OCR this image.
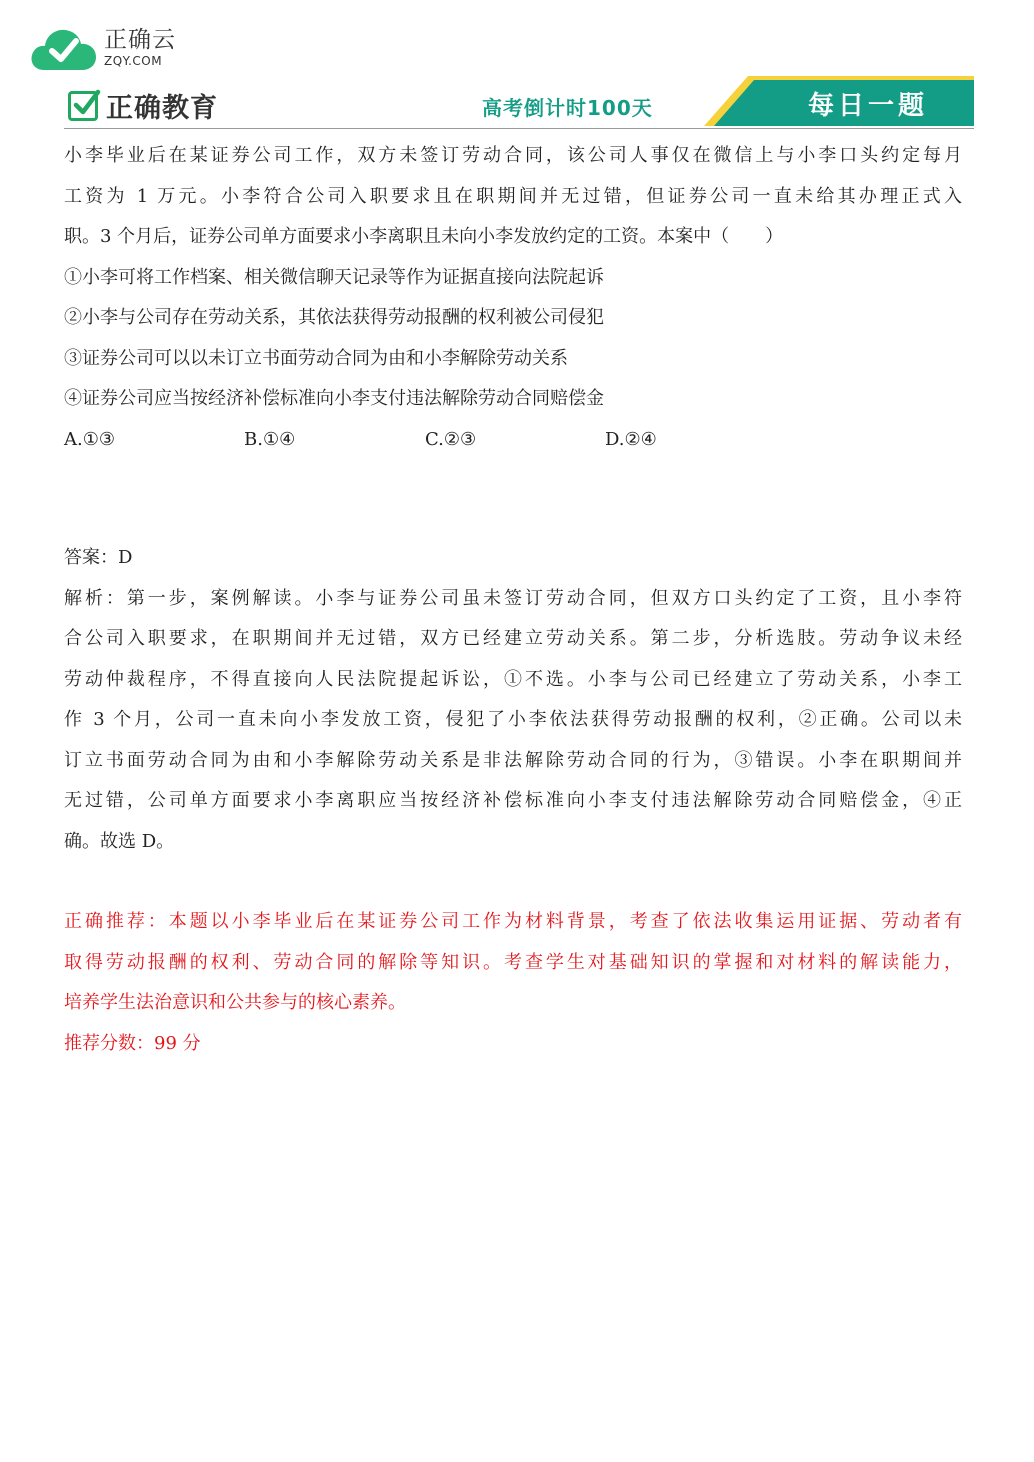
正确云
ZQY.COM
正确教育	高考倒计时100天	每日一题
小李毕业后在某证券公司工作，双方未签订劳动合同，该公司人事仅在微信上与小李口头约定每月
工资为 1 万元。小李符合公司入职要求且在职期间并无过错，但证券公司一直未给其办理正式入
职。3 个月后，证券公司单方面要求小李离职且未向小李发放约定的工资。本案中（　　）
①小李可将工作档案、相关微信聊天记录等作为证据直接向法院起诉
②小李与公司存在劳动关系，其依法获得劳动报酬的权利被公司侵犯
③证券公司可以以未订立书面劳动合同为由和小李解除劳动关系
④证券公司应当按经济补偿标准向小李支付违法解除劳动合同赔偿金
A.①③	B.①④	C.②③	D.②④
答案：D
解析：第一步，案例解读。小李与证券公司虽未签订劳动合同，但双方口头约定了工资，且小李符
合公司入职要求，在职期间并无过错，双方已经建立劳动关系。第二步，分析选肢。劳动争议未经
劳动仲裁程序，不得直接向人民法院提起诉讼，①不选。小李与公司已经建立了劳动关系，小李工
作 3 个月，公司一直未向小李发放工资，侵犯了小李依法获得劳动报酬的权利，②正确。公司以未
订立书面劳动合同为由和小李解除劳动关系是非法解除劳动合同的行为，③错误。小李在职期间并
无过错，公司单方面要求小李离职应当按经济补偿标准向小李支付违法解除劳动合同赔偿金，④正
确。故选 D。
正确推荐：本题以小李毕业后在某证券公司工作为材料背景，考查了依法收集运用证据、劳动者有
取得劳动报酬的权利、劳动合同的解除等知识。考查学生对基础知识的掌握和对材料的解读能力，
培养学生法治意识和公共参与的核心素养。
推荐分数：99 分
